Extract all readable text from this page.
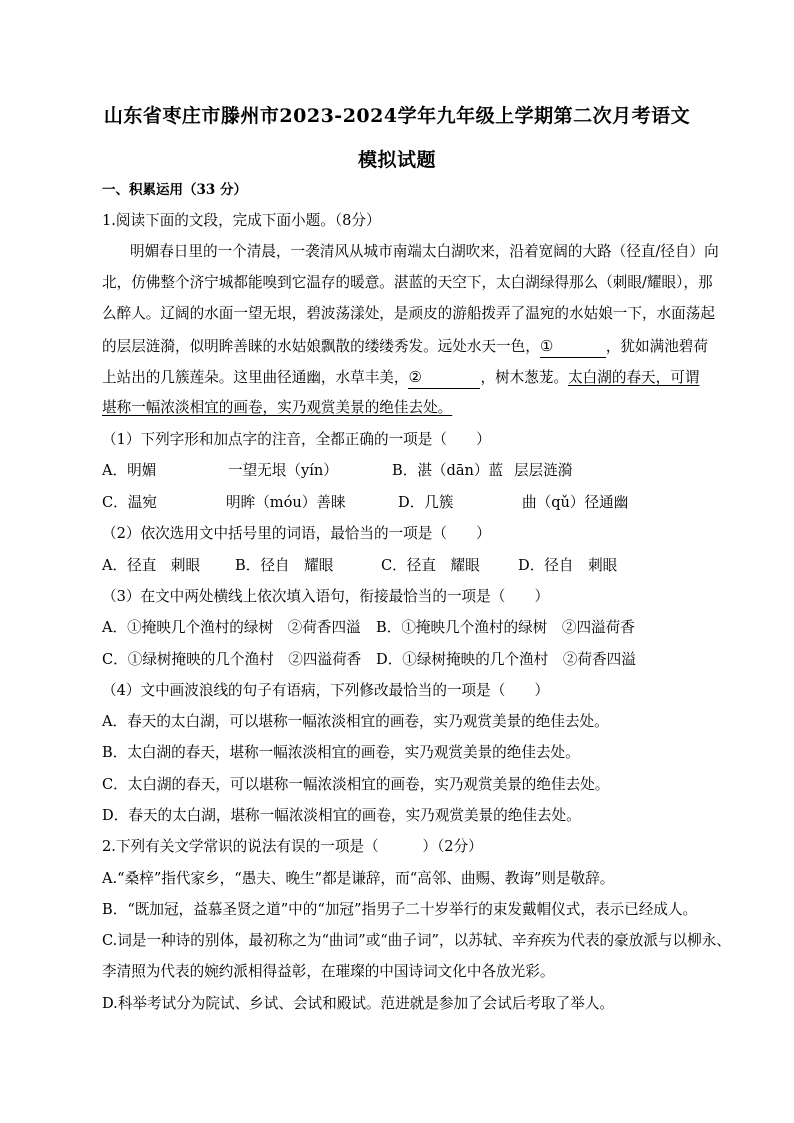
山东省枣庄市滕州市2023-2024学年九年级上学期第二次月考语文
模拟试题
一、积累运用（33 分）
1.阅读下面的文段，完成下面小题。（8分）
明媚春日里的一个清晨，一袭清风从城市南端太白湖吹来，沿着宽阔的大路（径直/径自）向
北，仿佛整个济宁城都能嗅到它温存的暖意。湛蓝的天空下，太白湖绿得那么（刺眼/耀眼），那
么醉人。辽阔的水面一望无垠，碧波荡漾处，是顽皮的游船拨弄了温宛的水姑娘一下，水面荡起
的层层涟漪，似明眸善睐的水姑娘飘散的缕缕秀发。远处水天一色，①	，犹如满池碧荷
上站出的几簇莲朵。这里曲径通幽，水草丰美，②	，树木葱茏。太白湖的春天，可谓
堪称一幅浓淡相宜的画卷，实乃观赏美景的绝佳去处。
（1）下列字形和加点字的注音，全都正确的一项是（　　）
A．明媚	一望无垠（yín）	B．湛（dān）蓝 层层涟漪
C．温宛	明眸（móu）善睐	D．几簇	曲（qǔ）径通幽
（2）依次选用文中括号里的词语，最恰当的一项是（　　）
A．径直　刺眼 B．径自　耀眼	C．径直　耀眼	D．径自　刺眼
（3）在文中两处横线上依次填入语句，衔接最恰当的一项是（　　）
A．①掩映几个渔村的绿树　②荷香四溢 B．①掩映几个渔村的绿树　②四溢荷香
C．①绿树掩映的几个渔村　②四溢荷香 D．①绿树掩映的几个渔村　②荷香四溢
（4）文中画波浪线的句子有语病，下列修改最恰当的一项是（　　）
A．春天的太白湖，可以堪称一幅浓淡相宜的画卷，实乃观赏美景的绝佳去处。
B．太白湖的春天，堪称一幅浓淡相宜的画卷，实乃观赏美景的绝佳去处。
C．太白湖的春天，可以堪称一幅浓淡相宜的画卷，实乃观赏美景的绝佳去处。
D．春天的太白湖，堪称一幅浓淡相宜的画卷，实乃观赏美景的绝佳去处。
2.下列有关文学常识的说法有误的一项是（　　　）（2分）
A.“桑梓”指代家乡，“愚夫、晚生”都是谦辞，而“高邻、曲赐、教诲”则是敬辞。
B．“既加冠，益慕圣贤之道”中的“加冠”指男子二十岁举行的束发戴帽仪式，表示已经成人。
C.词是一种诗的别体，最初称之为“曲词”或“曲子词”，以苏轼、辛弃疾为代表的豪放派与以柳永、
李清照为代表的婉约派相得益彰，在璀璨的中国诗词文化中各放光彩。
D.科举考试分为院试、乡试、会试和殿试。范进就是参加了会试后考取了举人。
